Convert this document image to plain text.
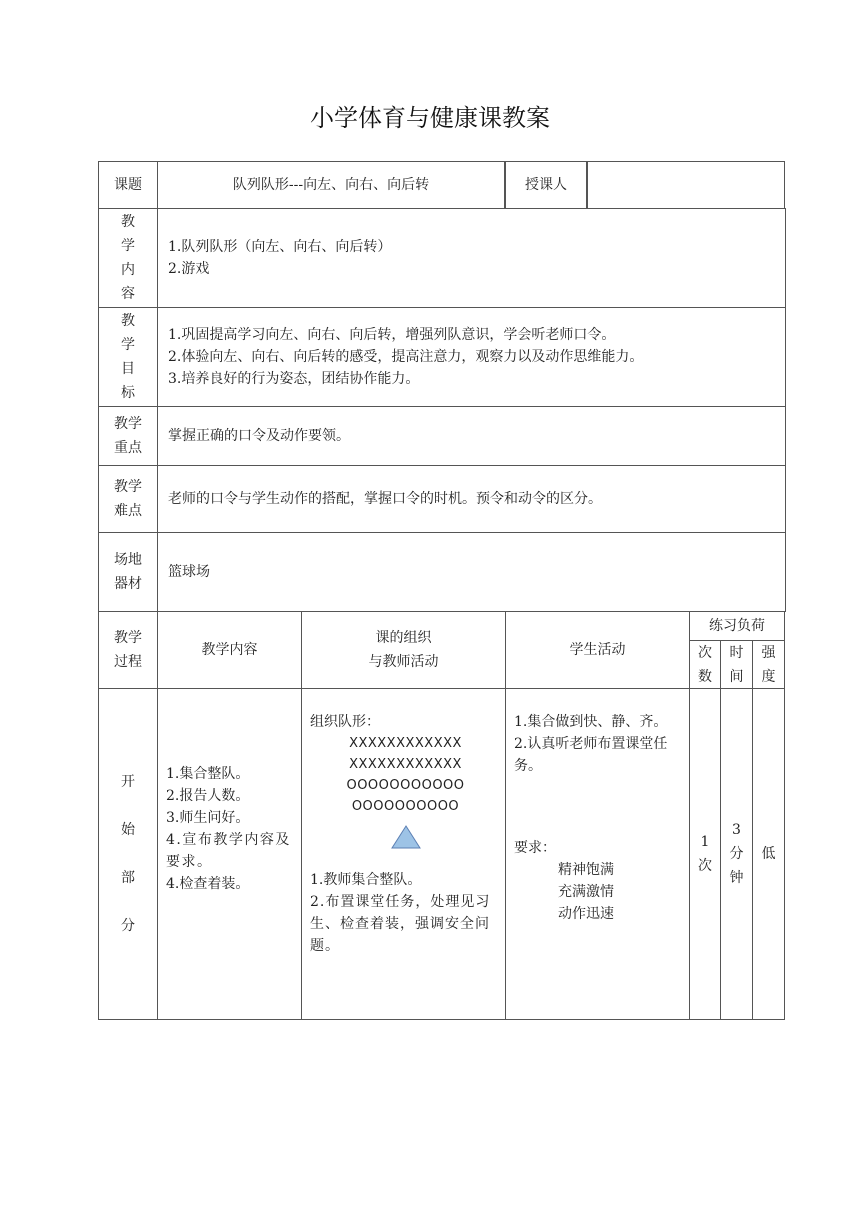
小学体育与健康课教案
课题	队列队形---向左、向右、向后转	授课人
教
学
内
容
1.队列队形（向左、向右、向后转）
2.游戏
教
学
目
标
1.巩固提高学习向左、向右、向后转，增强列队意识，学会听老师口令。
2.体验向左、向右、向后转的感受，提高注意力，观察力以及动作思维能力。
3.培养良好的行为姿态，团结协作能力。
教学
重点
掌握正确的口令及动作要领。
教学
难点
老师的口令与学生动作的搭配，掌握口令的时机。预令和动令的区分。
场地
器材
篮球场
教学
过程
教学内容
课的组织
与教师活动
学生活动
练习负荷
次
数
时
间
强
度
开
始
部
分
1.集合整队。
2.报告人数。
3.师生问好。
4.宣布教学内容及要求。
4.检查着装。
组织队形：
XXXXXXXXXXXX
XXXXXXXXXXXX
OOOOOOOOOOO
OOOOOOOOOO
1.教师集合整队。
2.布置课堂任务，处理见习生、检查着装，强调安全问题。
1.集合做到快、静、齐。
2.认真听老师布置课堂任务。
要求：
精神饱满
充满激情
动作迅速
1
次
3
分
钟
低
